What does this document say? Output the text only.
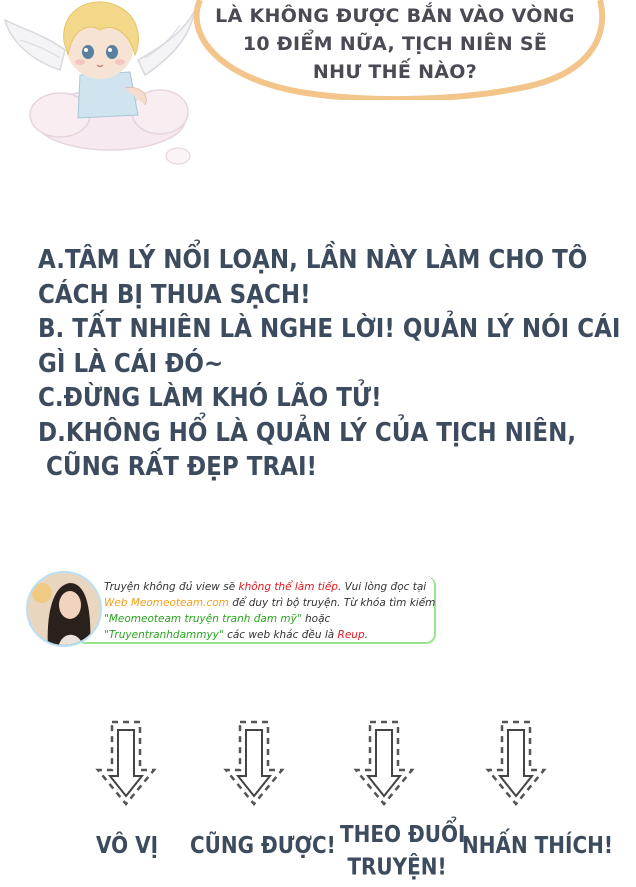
LÀ KHÔNG ĐƯỢC BẮN VÀO VÒNG
10 ĐIỂM NỮA, TỊCH NIÊN SẼ
NHƯ THẾ NÀO?
A.TÂM LÝ NỔI LOẠN, LẦN NÀY LÀM CHO TÔ
CÁCH BỊ THUA SẠCH!
B. TẤT NHIÊN LÀ NGHE LỜI! QUẢN LÝ NÓI CÁI
GÌ LÀ CÁI ĐÓ~
C.ĐỪNG LÀM KHÓ LÃO TỬ!
D.KHÔNG HỔ LÀ QUẢN LÝ CỦA TỊCH NIÊN,
CŨNG RẤT ĐẸP TRAI!
Truyện không đủ view sẽ không thể làm tiếp. Vui lòng đọc tại
Web Meomeoteam.com để duy trì bộ truyện. Từ khóa tìm kiếm
"Meomeoteam truyện tranh đam mỹ" hoặc
"Truyentranhdammyy" các web khác đều là Reup.
VÔ VỊ CŨNG ĐƯỢC! THEO ĐUỔI
TRUYỆN!
NHẤN THÍCH!
